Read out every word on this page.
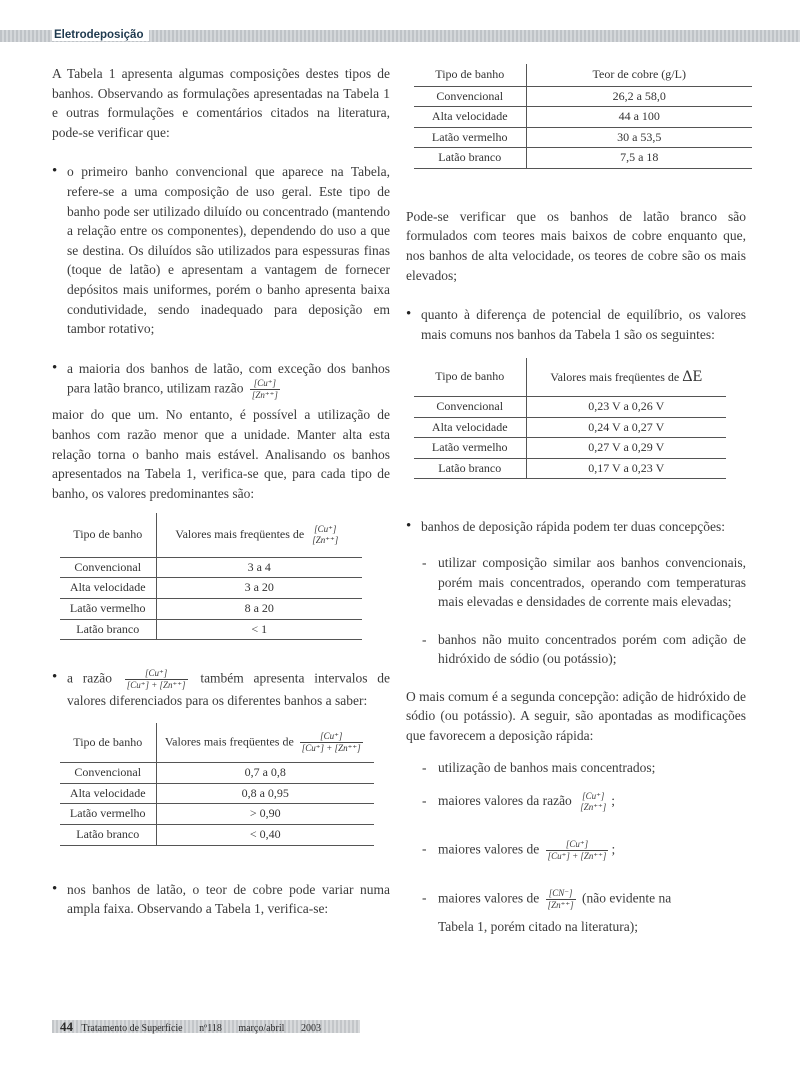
Eletrodeposição

A Tabela 1 apresenta algumas composições destes tipos de banhos. Observando as formulações apresentadas na Tabela 1 e outras formulações e comentários citados na literatura, pode-se verificar que:

• o primeiro banho convencional que aparece na Tabela, refere-se a uma composição de uso geral. Este tipo de banho pode ser utilizado diluído ou concentrado (mantendo a relação entre os componentes), dependendo do uso a que se destina. Os diluídos são utilizados para espessuras finas (toque de latão) e apresentam a vantagem de fornecer depósitos mais uniformes, porém o banho apresenta baixa condutividade, sendo inadequado para deposição em tambor rotativo;

• a maioria dos banhos de latão, com exceção dos banhos para latão branco, utilizam razão $\frac{[Cu^+]}{[Zn^{++}]}$

maior do que um. No entanto, é possível a utilização de banhos com razão menor que a unidade. Manter alta esta relação torna o banho mais estável. Analisando os banhos apresentados na Tabela 1, verifica-se que, para cada tipo de banho, os valores predominantes são:

Tipo de banho	Valores mais freqüentes de [Cu⁺]
[Zn⁺⁺]

Convencional	3 a 4
Alta velocidade	3 a 20
Latão vermelho	8 a 20
Latão branco	< 1

• a razão $\frac{[Cu^+]}{[Cu^+] + [Zn^{++}]}$ também apresenta intervalos de valores diferenciados para os diferentes banhos a saber:

Tipo de banho	Valores mais freqüentes de $\frac{[Cu^+]}{[Cu^+] + [Zn^{++}]}$

Convencional	0,7 a 0,8
Alta velocidade	0,8 a 0,95
Latão vermelho	> 0,90
Latão branco	< 0,40

• nos banhos de latão, o teor de cobre pode variar numa ampla faixa. Observando a Tabela 1, verifica-se:

Tipo de banho	Teor de cobre (g/L)
Convencional	26,2 a 58,0
Alta velocidade	44 a 100
Latão vermelho	30 a 53,5
Latão branco	7,5 a 18

Pode-se verificar que os banhos de latão branco são formulados com teores mais baixos de cobre enquanto que, nos banhos de alta velocidade, os teores de cobre são os mais elevados;

• quanto à diferença de potencial de equilíbrio, os valores mais comuns nos banhos da Tabela 1 são os seguintes:

Tipo de banho	Valores mais freqüentes de ΔE
Convencional	0,23 V a 0,26 V
Alta velocidade	0,24 V a 0,27 V
Latão vermelho	0,27 V a 0,29 V
Latão branco	0,17 V a 0,23 V

• banhos de deposição rápida podem ter duas concepções:

- utilizar composição similar aos banhos convencionais, porém mais concentrados, operando com temperaturas mais elevadas e densidades de corrente mais elevadas;

- banhos não muito concentrados porém com adição de hidróxido de sódio (ou potássio);

O mais comum é a segunda concepção: adição de hidróxido de sódio (ou potássio). A seguir, são apontadas as modificações que favorecem a deposição rápida:

- utilização de banhos mais concentrados;

- maiores valores da razão [Cu⁺]
[Zn⁺⁺] ;

- maiores valores de $\frac{[Cu^+]}{[Cu^+] + [Zn^{++}]}$ ;

- maiores valores de $\frac{[CN^-]}{[Zn^{++}]}$ (não evidente na

Tabela 1, porém citado na literatura);

44 Tratamento de Superfície nº118 março/abril 2003
